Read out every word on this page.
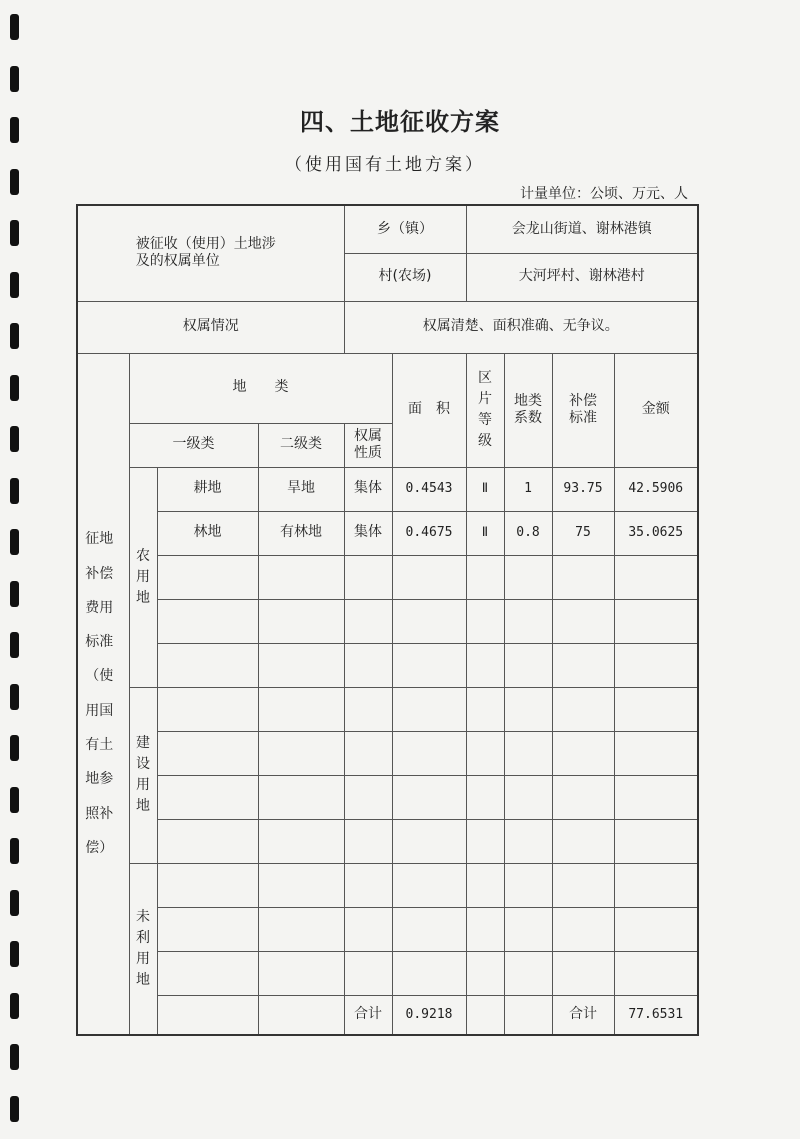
四、土地征收方案
（使用国有土地方案）
计量单位：公顷、万元、人
被征收（使用）土地涉及的权属单位				乡（镇）		会龙山街道、谢林港镇			
				村(农场)		大河坪村、谢林港村			
权属情况				权属清楚、面积准确、无争议。					

征地补偿费用标准（使用国有土地参照补偿）	地　　类				面　积	区片等级	地类系数	补偿标准	金额
	一级类		二级类	权属性质					

	农用地	耕地	旱地	集体	0.4543	Ⅱ	1	93.75	42.5906
		林地	有林地	集体	0.4675	Ⅱ	0.8	75	35.0625

	建设用地								

	未利用地								

				合计	0.9218			合计	77.6531
